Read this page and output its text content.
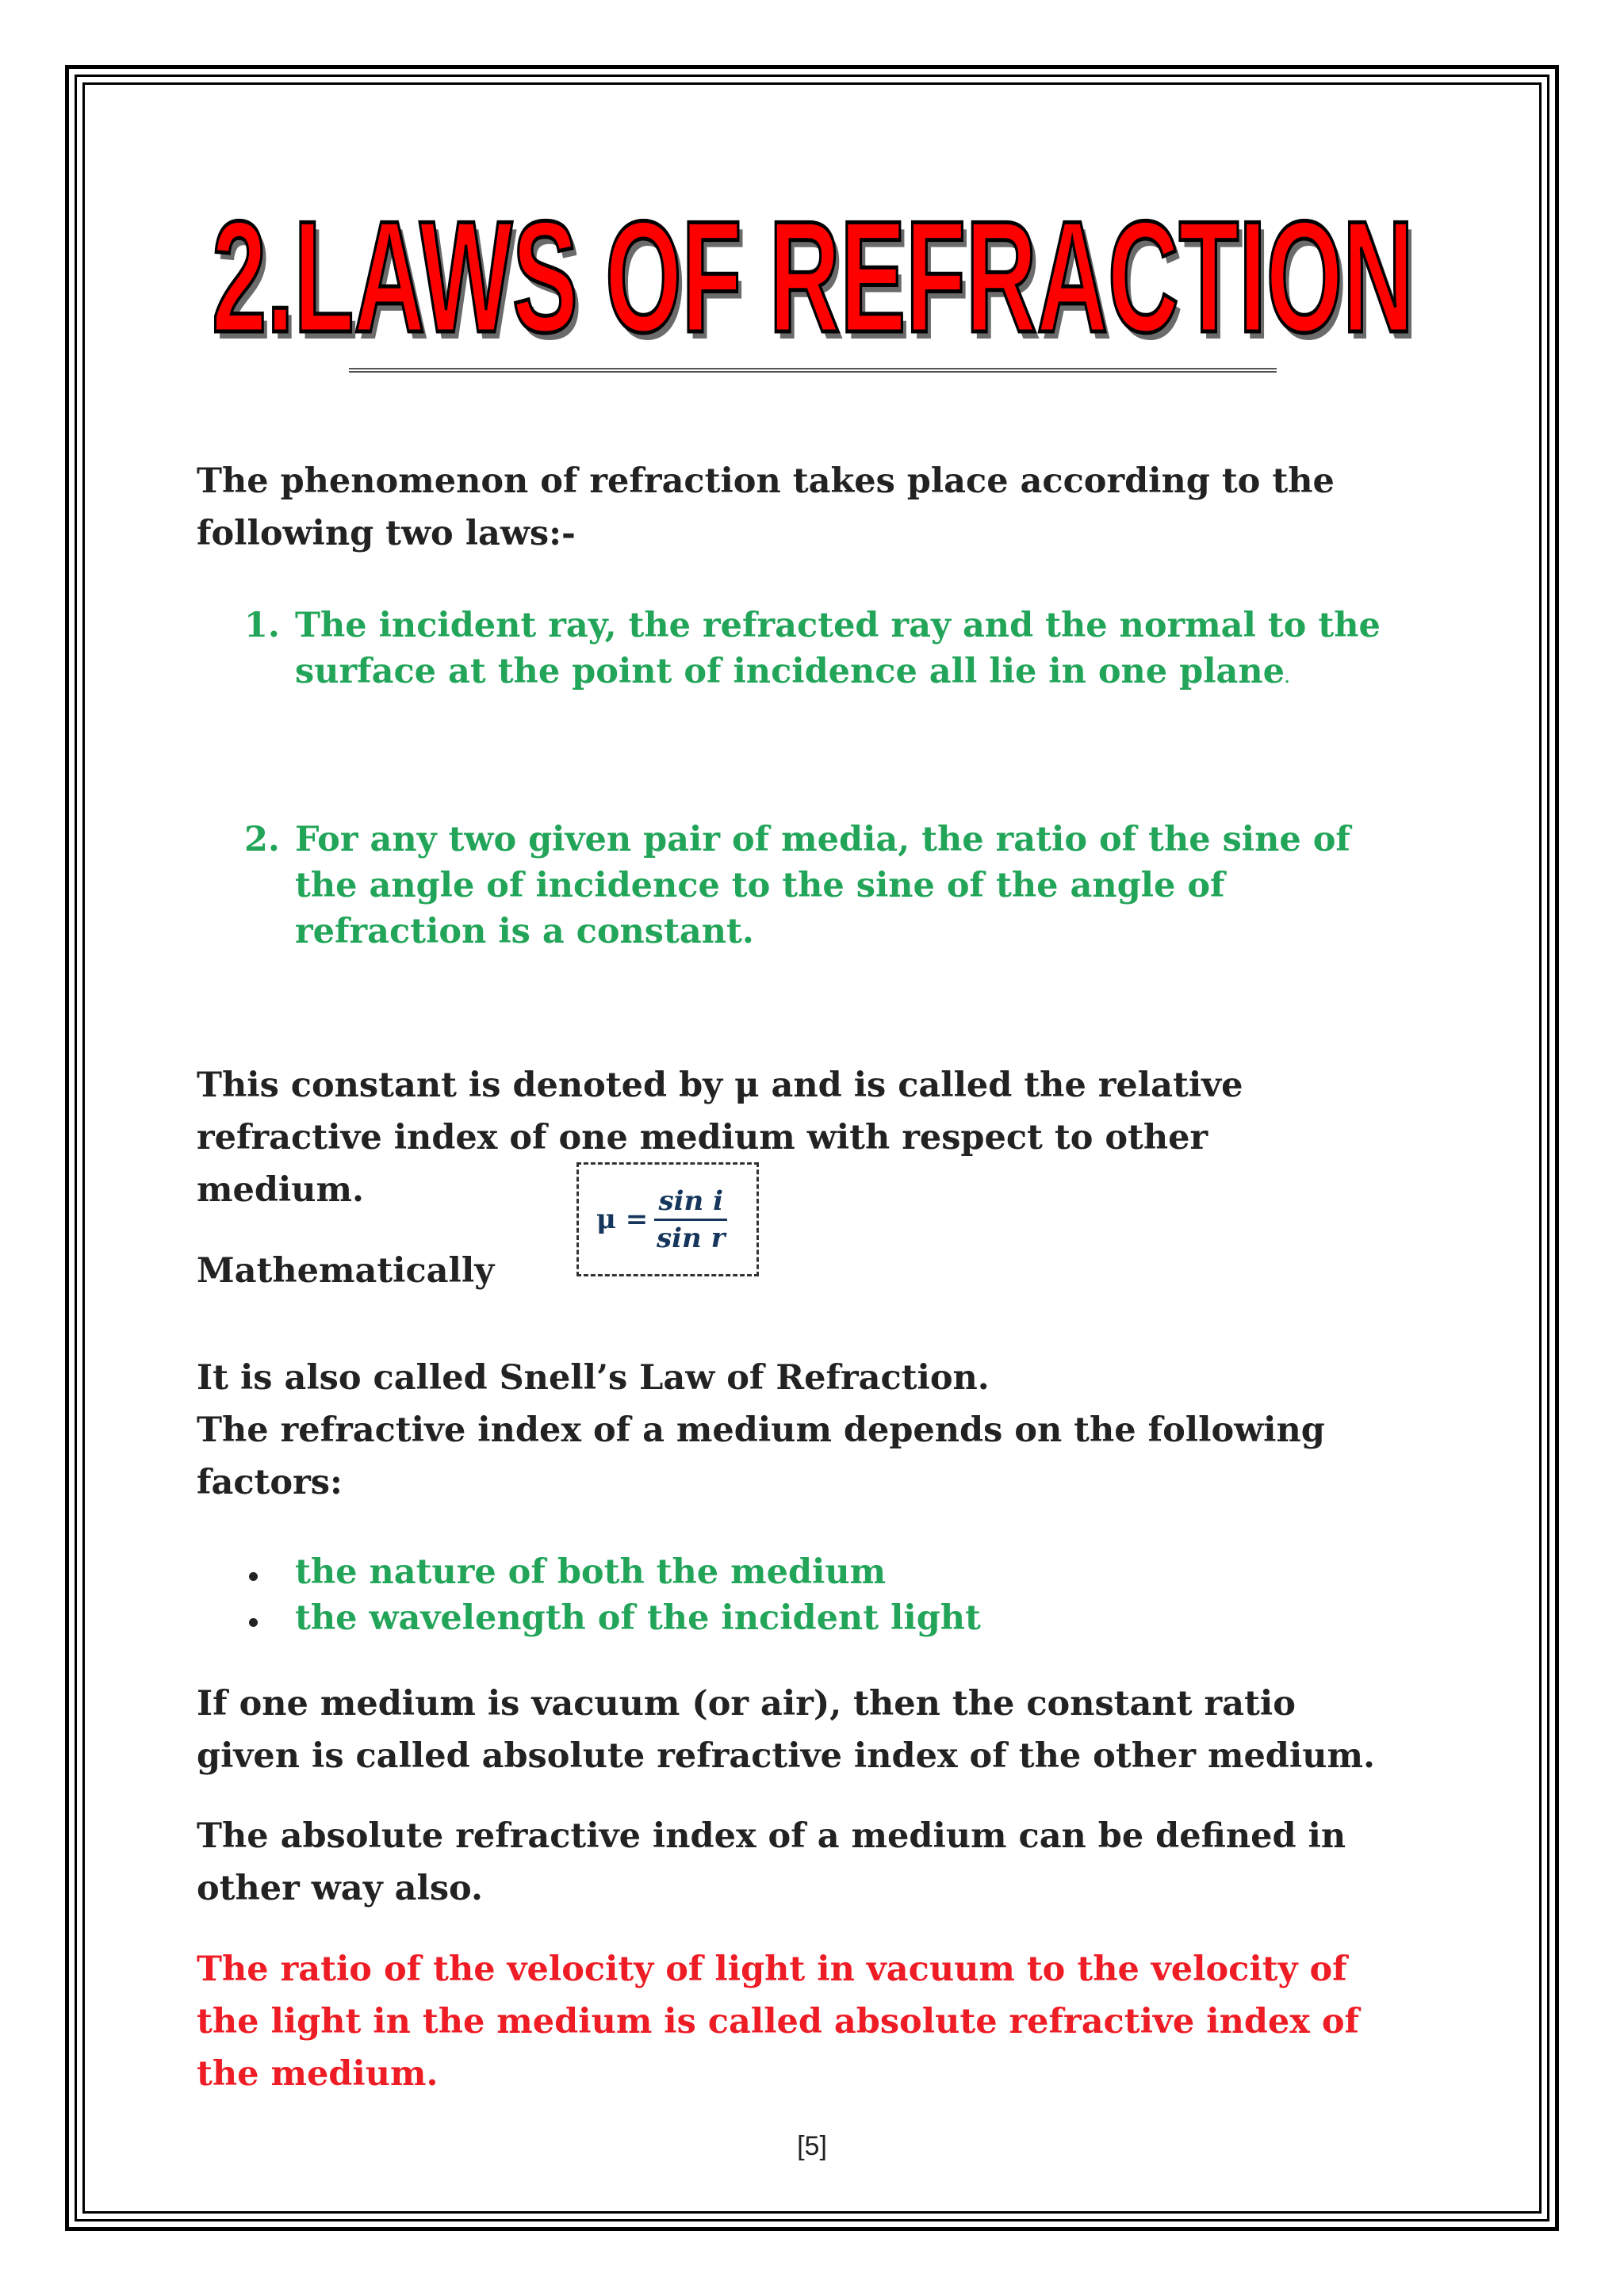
2.LAWS OF REFRACTION

The phenomenon of refraction takes place according to the

following two laws:-

1. The incident ray, the refracted ray and the normal to the

surface at the point of incidence all lie in one plane.

2. For any two given pair of media, the ratio of the sine of

the angle of incidence to the sine of the angle of

refraction is a constant.

This constant is denoted by μ and is called the relative

refractive index of one medium with respect to other

medium.

Mathematically

$\mu = \frac{\text{sin i}}{\text{sin r}}$

It is also called Snell’s Law of Refraction.

The refractive index of a medium depends on the following

factors:

the nature of both the medium

the wavelength of the incident light

If one medium is vacuum (or air), then the constant ratio

given is called absolute refractive index of the other medium.

The absolute refractive index of a medium can be defined in

other way also.

The ratio of the velocity of light in vacuum to the velocity of

the light in the medium is called absolute refractive index of

the medium.

[5]
